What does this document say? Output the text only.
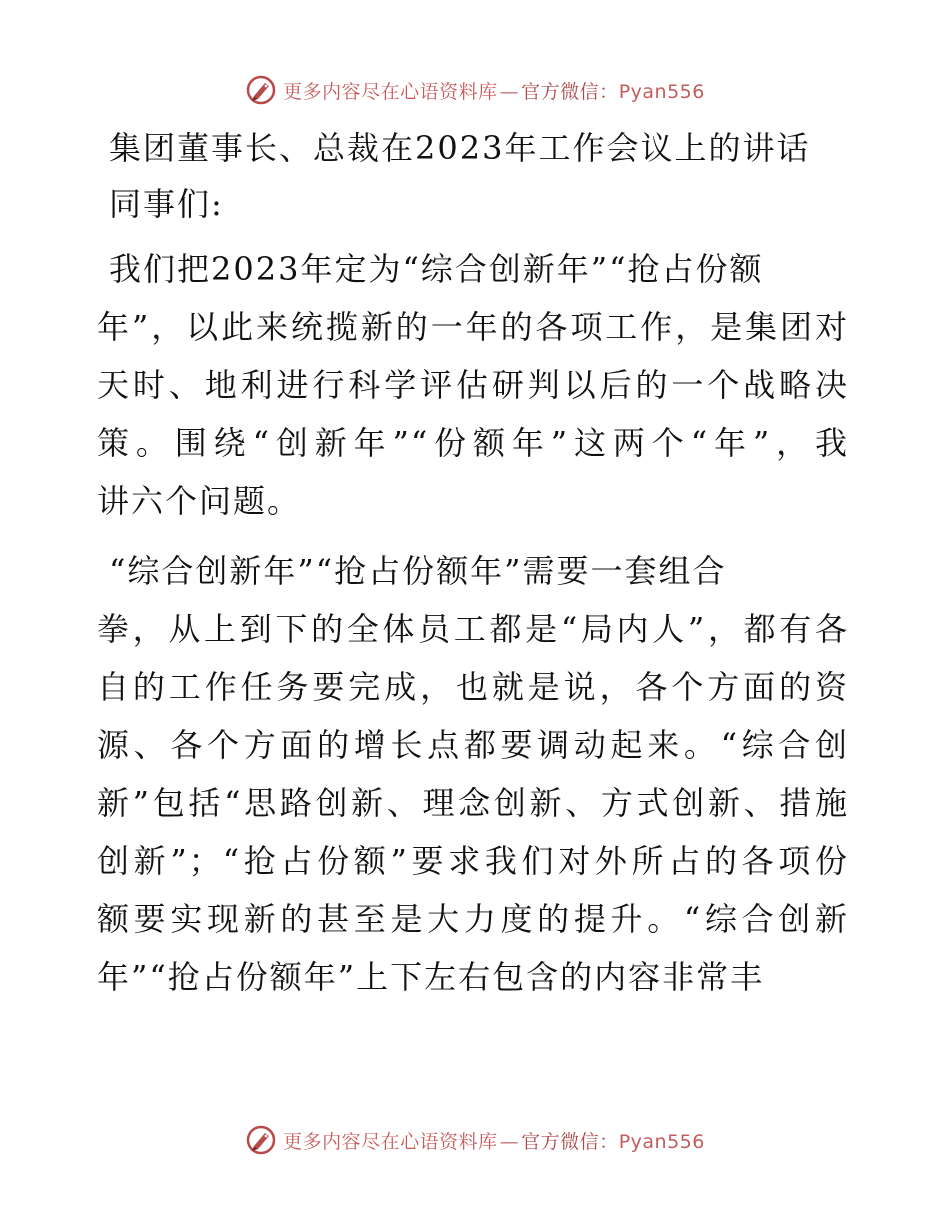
更多内容尽在心语资料库 — 官方微信：Pyan556
集团董事长、总裁在2023年工作会议上的讲话

同事们:

我们把2023年定为“综合创新年”“抢占份额
年”，以此来统揽新的一年的各项工作，是集团对
天时、地利进行科学评估研判以后的一个战略决
策。围绕“创新年”“份额年”这两个“年”，我
讲六个问题。

“综合创新年”“抢占份额年”需要一套组合
拳，从上到下的全体员工都是“局内人”，都有各
自的工作任务要完成，也就是说，各个方面的资
源、各个方面的增长点都要调动起来。“综合创
新”包括“思路创新、理念创新、方式创新、措施
创新”；“抢占份额”要求我们对外所占的各项份
额要实现新的甚至是大力度的提升。“综合创新
年”“抢占份额年”上下左右包含的内容非常丰

更多内容尽在心语资料库 — 官方微信：Pyan556
